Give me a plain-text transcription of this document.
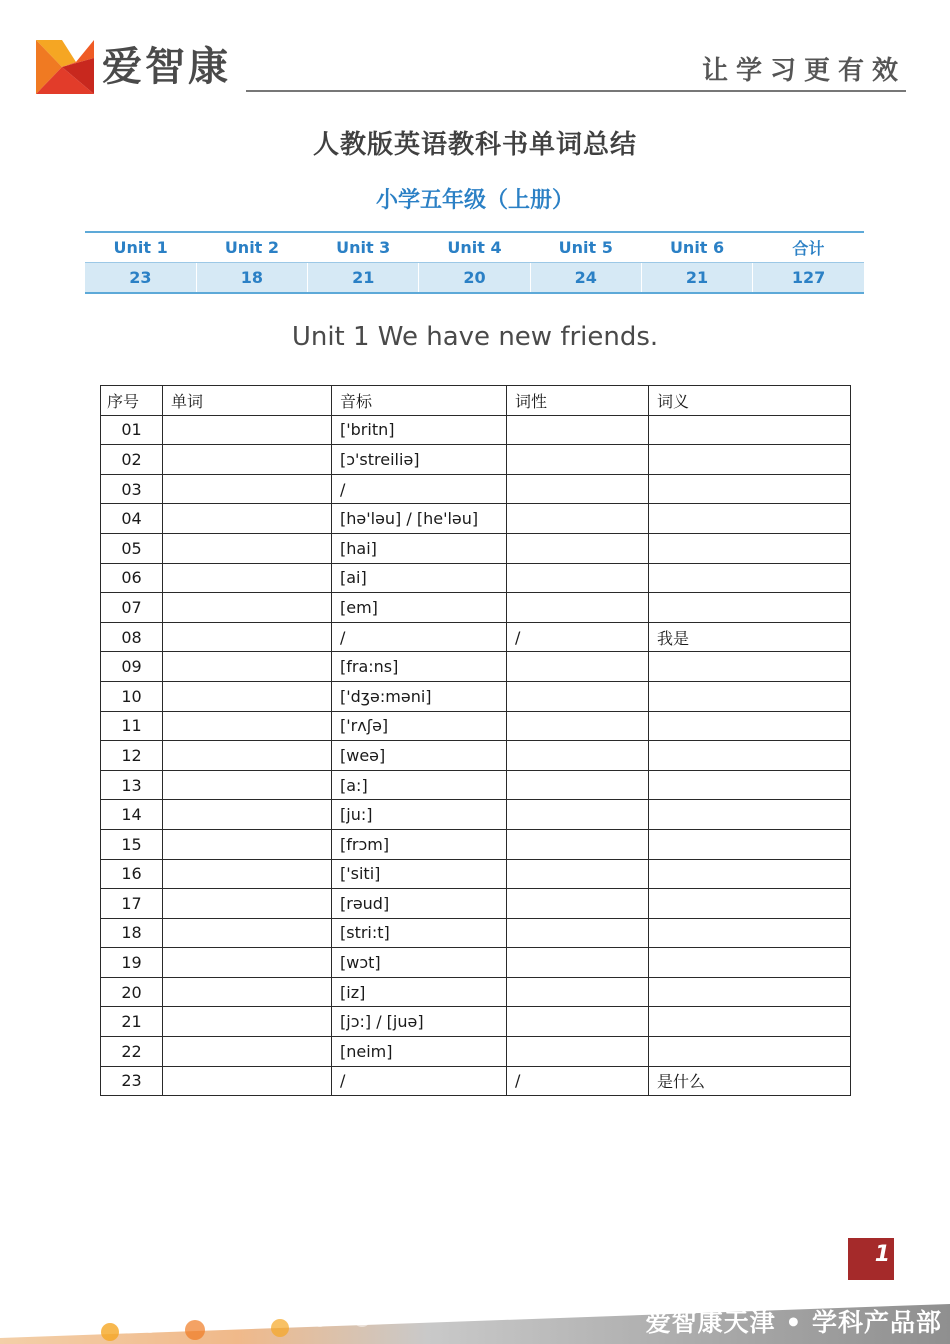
爱智康	让学习更有效
人教版英语教科书单词总结
小学五年级（上册）
Unit 1	Unit 2	Unit 3	Unit 4	Unit 5	Unit 6	合计
23	18	21	20	24	21	127
Unit 1 We have new friends.
序号	单词	音标	词性	词义
01		['britn]		
02		[ɔ'streiliə]		
03		/		
04		[hə'ləu] / [he'ləu]		
05		[hai]		
06		[ai]		
07		[em]		
08		/	/	我是
09		[fra:ns]		
10		['dʒə:məni]		
11		['rʌʃə]		
12		[weə]		
13		[a:]		
14		[ju:]		
15		[frɔm]		
16		['siti]		
17		[rəud]		
18		[stri:t]		
19		[wɔt]		
20		[iz]		
21		[jɔ:] / [juə]		
22		[neim]		
23		/	/	是什么
1
爱智康天津 • 学科产品部
